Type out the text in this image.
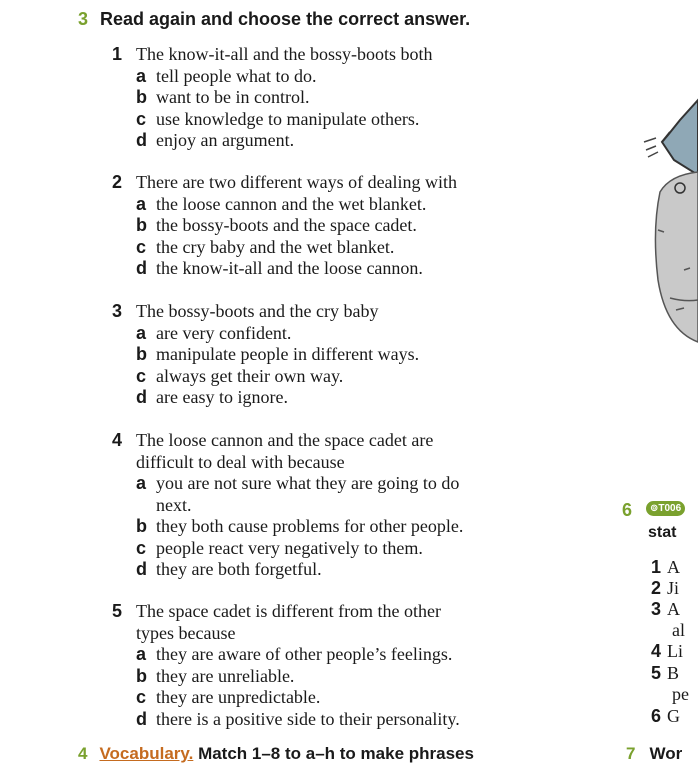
3 Read again and choose the correct answer.
1 The know-it-all and the bossy-boots both
a tell people what to do.
b want to be in control.
c use knowledge to manipulate others.
d enjoy an argument.
2 There are two different ways of dealing with
a the loose cannon and the wet blanket.
b the bossy-boots and the space cadet.
c the cry baby and the wet blanket.
d the know-it-all and the loose cannon.
3 The bossy-boots and the cry baby
a are very confident.
b manipulate people in different ways.
c always get their own way.
d are easy to ignore.
4 The loose cannon and the space cadet are
difficult to deal with because
a you are not sure what they are going to do
next.
b they both cause problems for other people.
c people react very negatively to them.
d they are both forgetful.
5 The space cadet is different from the other
types because
a they are aware of other people’s feelings.
b they are unreliable.
c they are unpredictable.
d there is a positive side to their personality.
4 Vocabulary. Match 1–8 to a–h to make phrases
6	⊚T006
stat
1 A
2 Ji
3 A
al
4 Li
5 B
pe
6 G
7 Wor
